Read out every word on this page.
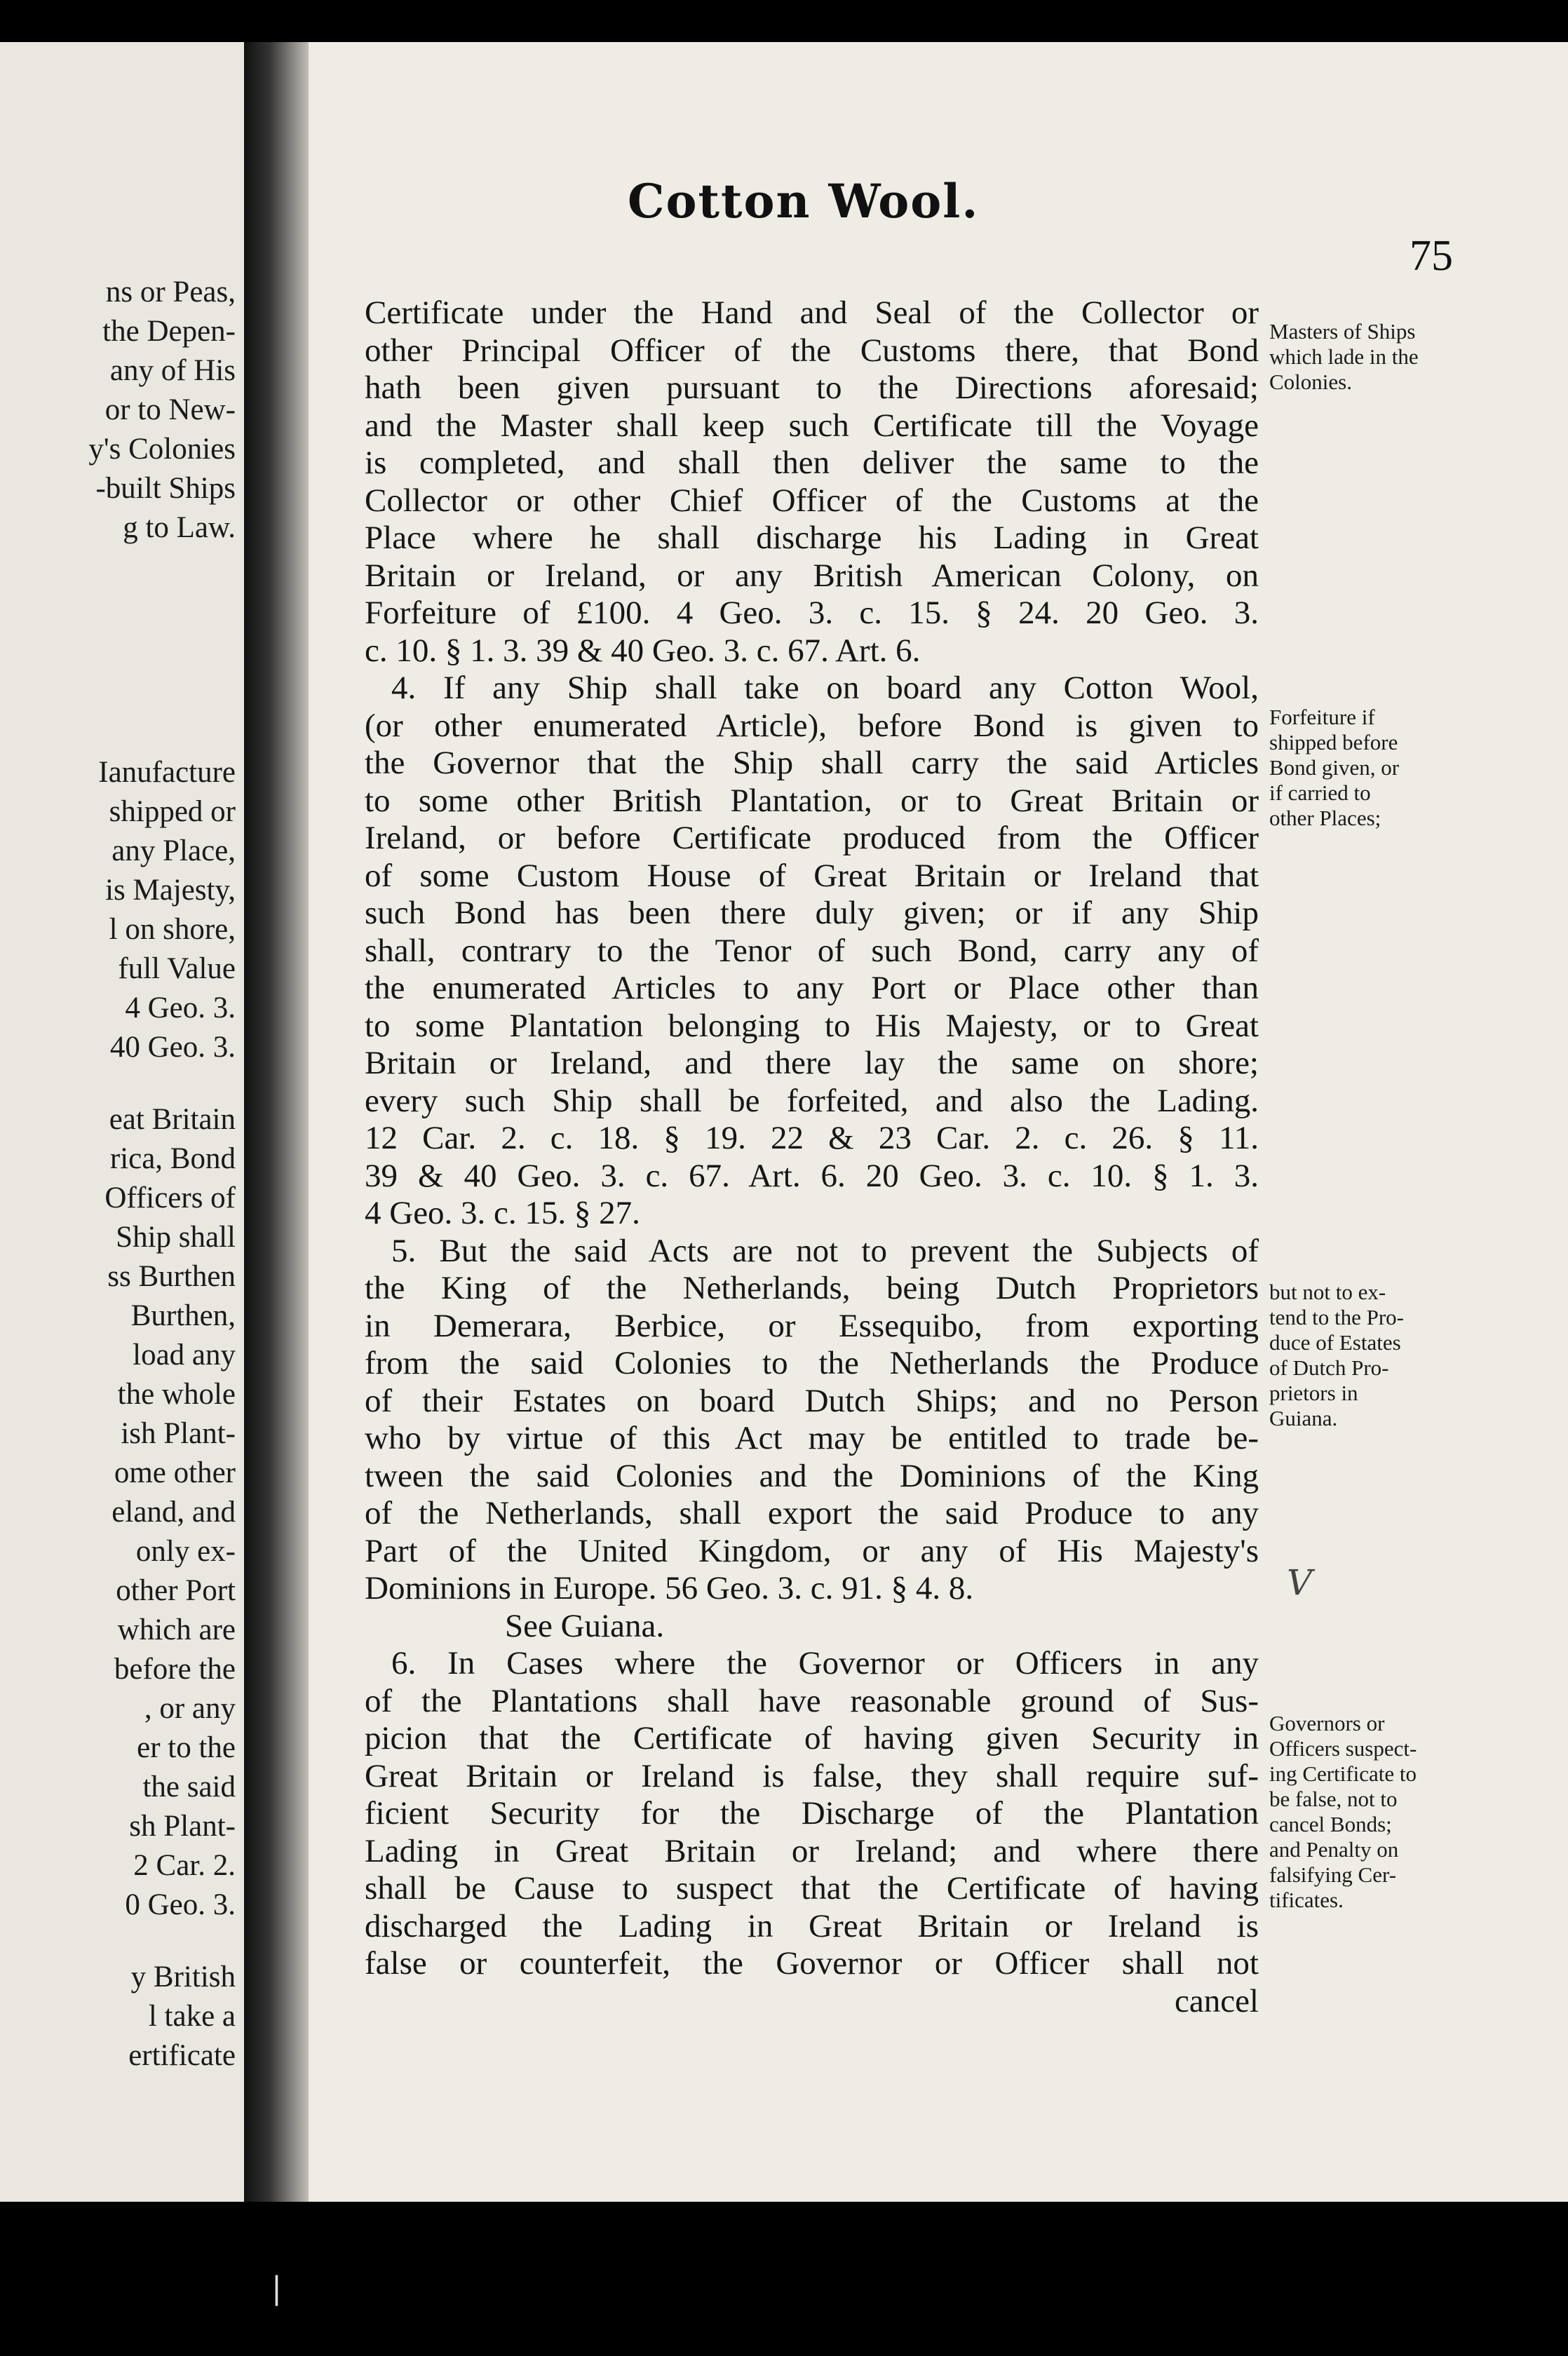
ns or Peas,
the Depen-
any of His
or to New-
y's Colonies
-built Ships
g to Law.
Ianufacture
shipped or
any Place,
is Majesty,
l on shore,
full Value
4 Geo. 3.
40 Geo. 3.
eat Britain
rica, Bond
Officers of
Ship shall
ss Burthen
Burthen,
load any
the whole
ish Plant-
ome other
eland, and
only ex-
other Port
which are
before the
, or any
er to the
the said
sh Plant-
2 Car. 2.
0 Geo. 3.
y British
l take a
ertificate
Cotton Wool.
75
Certificate under the Hand and Seal of the Collector or
other Principal Officer of the Customs there, that Bond
hath been given pursuant to the Directions aforesaid;
and the Master shall keep such Certificate till the Voyage
is completed, and shall then deliver the same to the
Collector or other Chief Officer of the Customs at the
Place where he shall discharge his Lading in Great
Britain or Ireland, or any British American Colony, on
Forfeiture of £100. 4 Geo. 3. c. 15. § 24. 20 Geo. 3.
c. 10. § 1. 3. 39 & 40 Geo. 3. c. 67. Art. 6.
4. If any Ship shall take on board any Cotton Wool,
(or other enumerated Article), before Bond is given to
the Governor that the Ship shall carry the said Articles
to some other British Plantation, or to Great Britain or
Ireland, or before Certificate produced from the Officer
of some Custom House of Great Britain or Ireland that
such Bond has been there duly given; or if any Ship
shall, contrary to the Tenor of such Bond, carry any of
the enumerated Articles to any Port or Place other than
to some Plantation belonging to His Majesty, or to Great
Britain or Ireland, and there lay the same on shore;
every such Ship shall be forfeited, and also the Lading.
12 Car. 2. c. 18. § 19. 22 & 23 Car. 2. c. 26. § 11.
39 & 40 Geo. 3. c. 67. Art. 6. 20 Geo. 3. c. 10. § 1. 3.
4 Geo. 3. c. 15. § 27.
5. But the said Acts are not to prevent the Subjects of
the King of the Netherlands, being Dutch Proprietors
in Demerara, Berbice, or Essequibo, from exporting
from the said Colonies to the Netherlands the Produce
of their Estates on board Dutch Ships; and no Person
who by virtue of this Act may be entitled to trade be-
tween the said Colonies and the Dominions of the King
of the Netherlands, shall export the said Produce to any
Part of the United Kingdom, or any of His Majesty's
Dominions in Europe. 56 Geo. 3. c. 91. § 4. 8.
See Guiana.
6. In Cases where the Governor or Officers in any
of the Plantations shall have reasonable ground of Sus-
picion that the Certificate of having given Security in
Great Britain or Ireland is false, they shall require suf-
ficient Security for the Discharge of the Plantation
Lading in Great Britain or Ireland; and where there
shall be Cause to suspect that the Certificate of having
discharged the Lading in Great Britain or Ireland is
false or counterfeit, the Governor or Officer shall not
cancel
Masters of Ships
which lade in the
Colonies.
Forfeiture if
shipped before
Bond given, or
if carried to
other Places;
but not to ex-
tend to the Pro-
duce of Estates
of Dutch Pro-
prietors in
Guiana.
Governors or
Officers suspect-
ing Certificate to
be false, not to
cancel Bonds;
and Penalty on
falsifying Cer-
tificates.
V
❘
